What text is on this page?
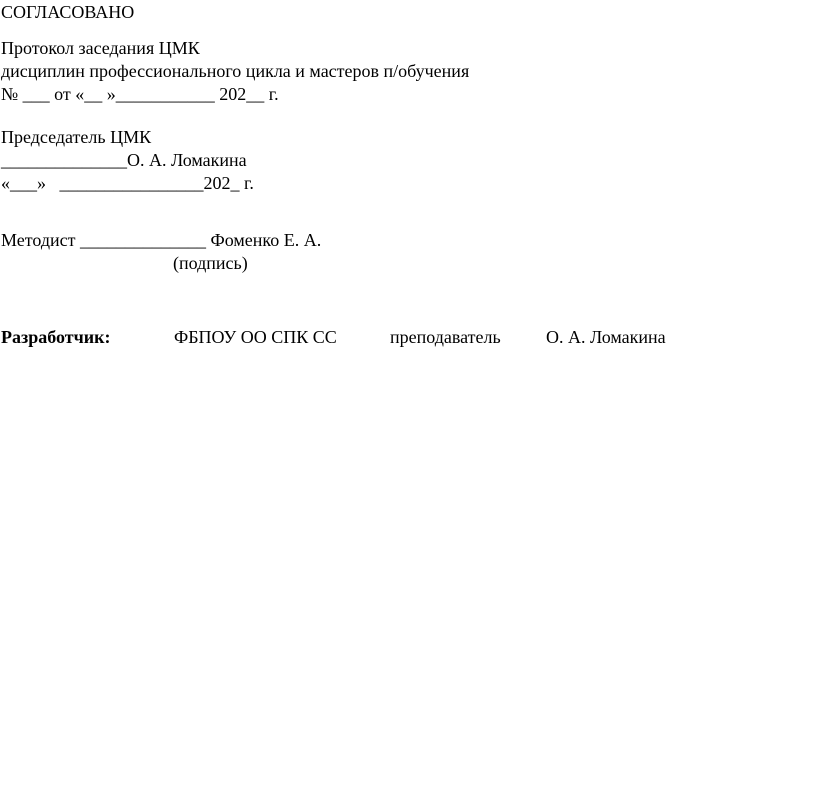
СОГЛАСОВАНО
Протокол заседания ЦМК
дисциплин профессионального цикла и мастеров п/обучения
№ ___ от «__ »___________ 202__ г.
Председатель ЦМК
______________О. А. Ломакина
«___»   ________________202_ г.
Методист ______________ Фоменко Е. А.
(подпись)

Разработчик:

	ФБПОУ ОО СПК СС

	преподаватель

	О. А. Ломакина
